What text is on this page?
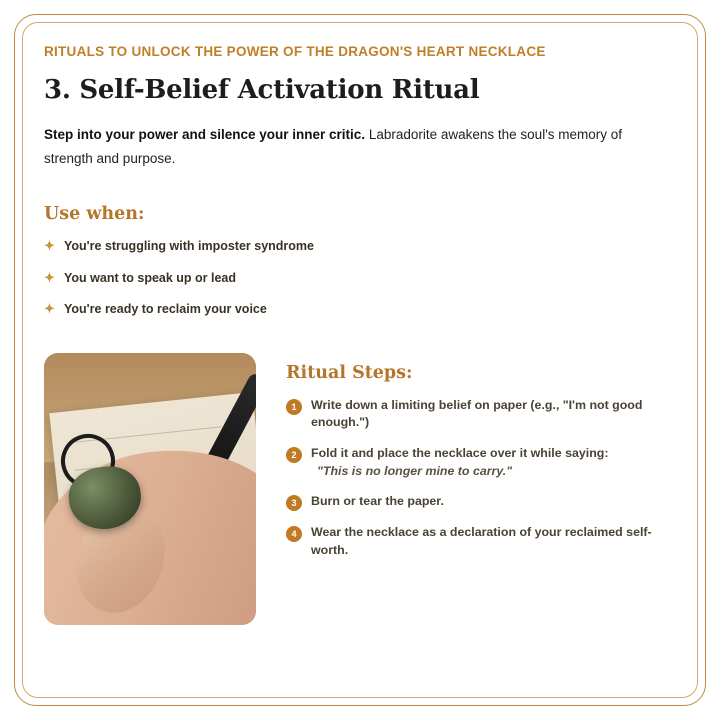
RITUALS TO UNLOCK THE POWER OF THE DRAGON'S HEART NECKLACE
3. Self-Belief Activation Ritual

Step into your power and silence your inner critic. Labradorite awakens the soul's memory of strength and purpose.

Use when:
✦ You're struggling with imposter syndrome
✦ You want to speak up or lead
✦ You're ready to reclaim your voice
Ritual Steps:
1	Write down a limiting belief on paper (e.g., "I'm not good enough.")
2	Fold it and place the necklace over it while saying:
"This is no longer mine to carry."
3	Burn or tear the paper.
4	Wear the necklace as a declaration of your reclaimed self-worth.
